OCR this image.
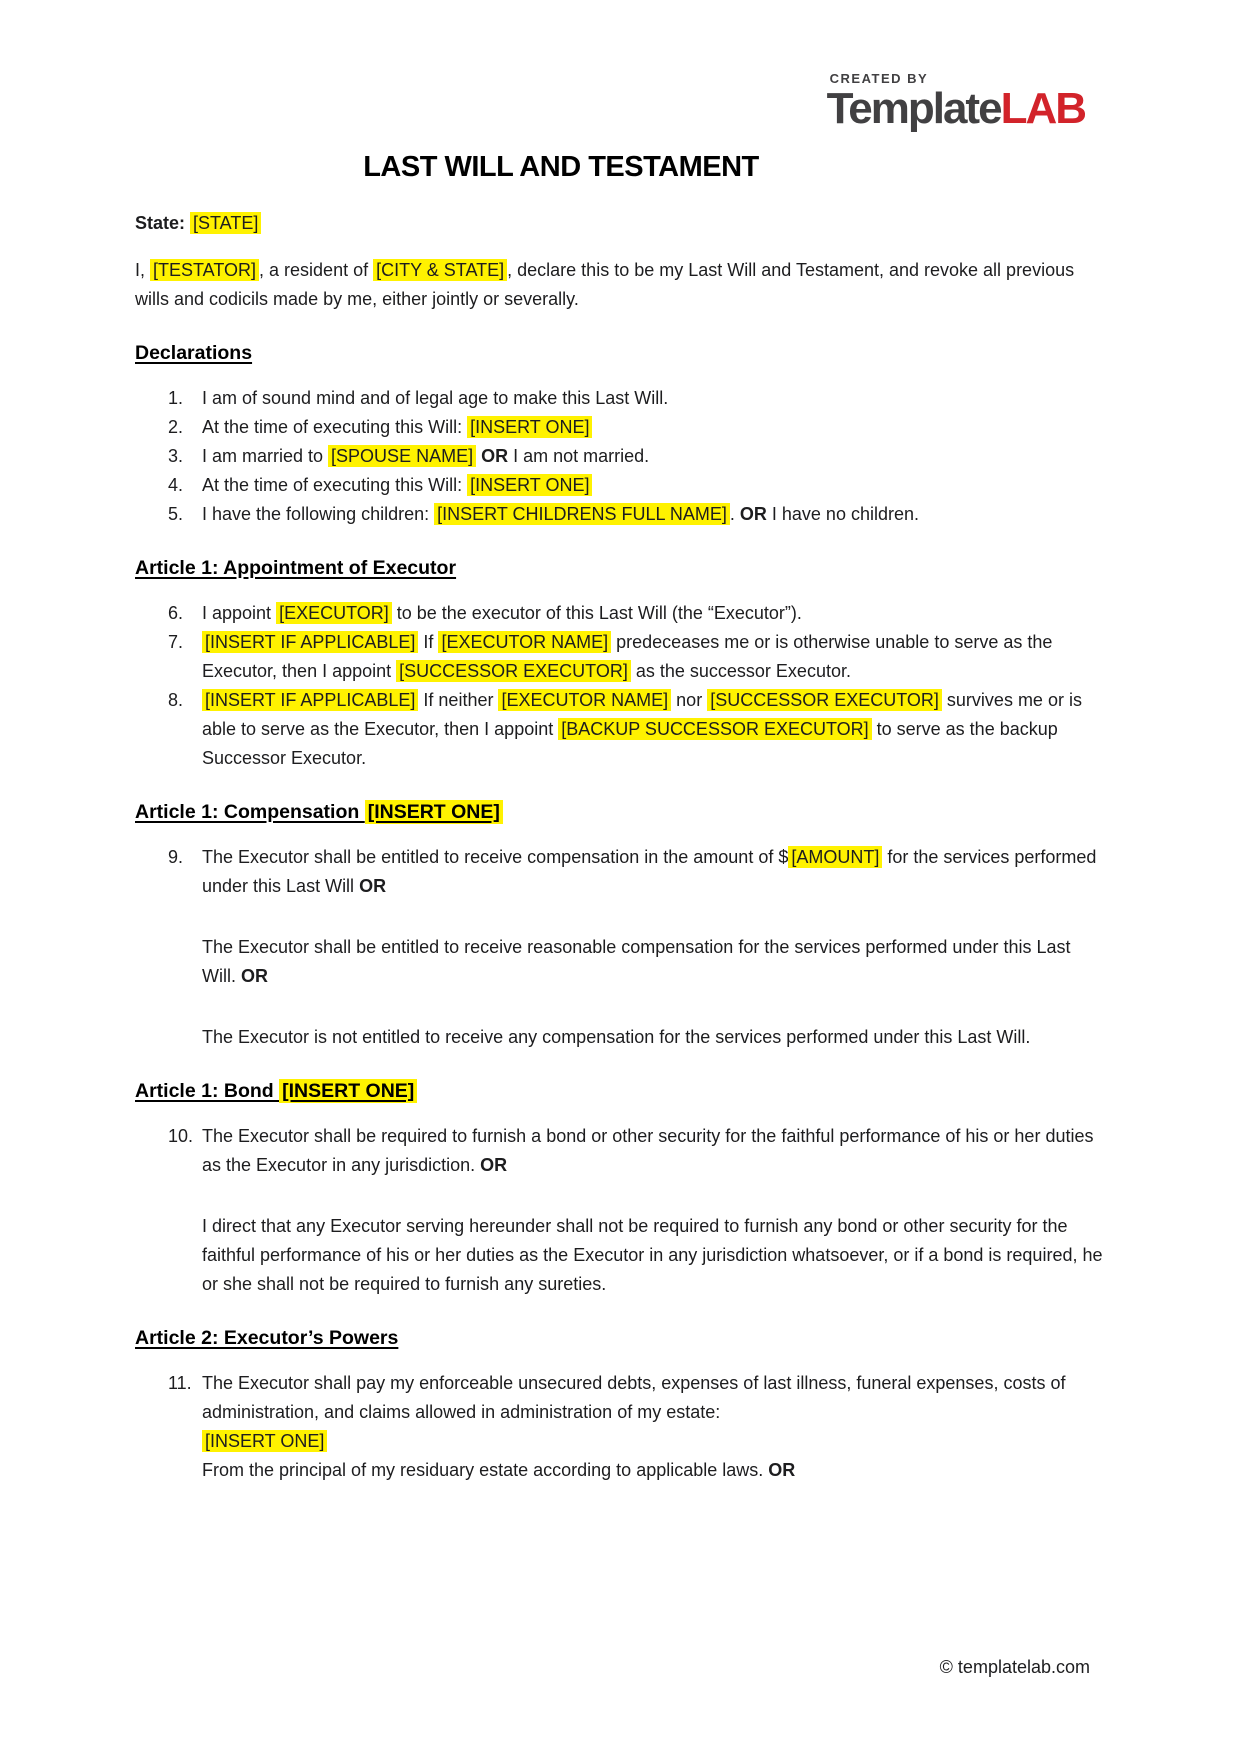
CREATED BY
TemplateLAB
LAST WILL AND TESTAMENT

State: [STATE]

I, [TESTATOR] , a resident of [CITY & STATE] , declare this to be my Last Will and Testament, and revoke all previous wills and codicils made by me, either jointly or severally.

Declarations
1.	I am of sound mind and of legal age to make this Last Will.

2.	At the time of executing this Will: [INSERT ONE]

3.	I am married to [SPOUSE NAME] OR I am not married.

4.	At the time of executing this Will: [INSERT ONE]

5.	I have the following children: [INSERT CHILDRENS FULL NAME] . OR I have no children.

Article 1: Appointment of Executor
6.	I appoint [EXECUTOR] to be the executor of this Last Will (the “Executor”).

7.	[INSERT IF APPLICABLE] If [EXECUTOR NAME] predeceases me or is otherwise unable to serve as the Executor, then I appoint [SUCCESSOR EXECUTOR] as the successor Executor.

8.	[INSERT IF APPLICABLE] If neither [EXECUTOR NAME] nor [SUCCESSOR EXECUTOR] survives me or is able to serve as the Executor, then I appoint [BACKUP SUCCESSOR EXECUTOR] to serve as the backup Successor Executor.

Article 1: Compensation [INSERT ONE]
9.	The Executor shall be entitled to receive compensation in the amount of $ [AMOUNT] for the services performed under this Last Will OR

The Executor shall be entitled to receive reasonable compensation for the services performed under this Last Will. OR

The Executor is not entitled to receive any compensation for the services performed under this Last Will.

Article 1: Bond [INSERT ONE]
10. The Executor shall be required to furnish a bond or other security for the faithful performance of his or her duties as the Executor in any jurisdiction. OR

I direct that any Executor serving hereunder shall not be required to furnish any bond or other security for the faithful performance of his or her duties as the Executor in any jurisdiction whatsoever, or if a bond is required, he or she shall not be required to furnish any sureties.

Article 2: Executor’s Powers
11. The Executor shall pay my enforceable unsecured debts, expenses of last illness, funeral expenses, costs of administration, and claims allowed in administration of my estate:
[INSERT ONE]
From the principal of my residuary estate according to applicable laws. OR

© templatelab.com
